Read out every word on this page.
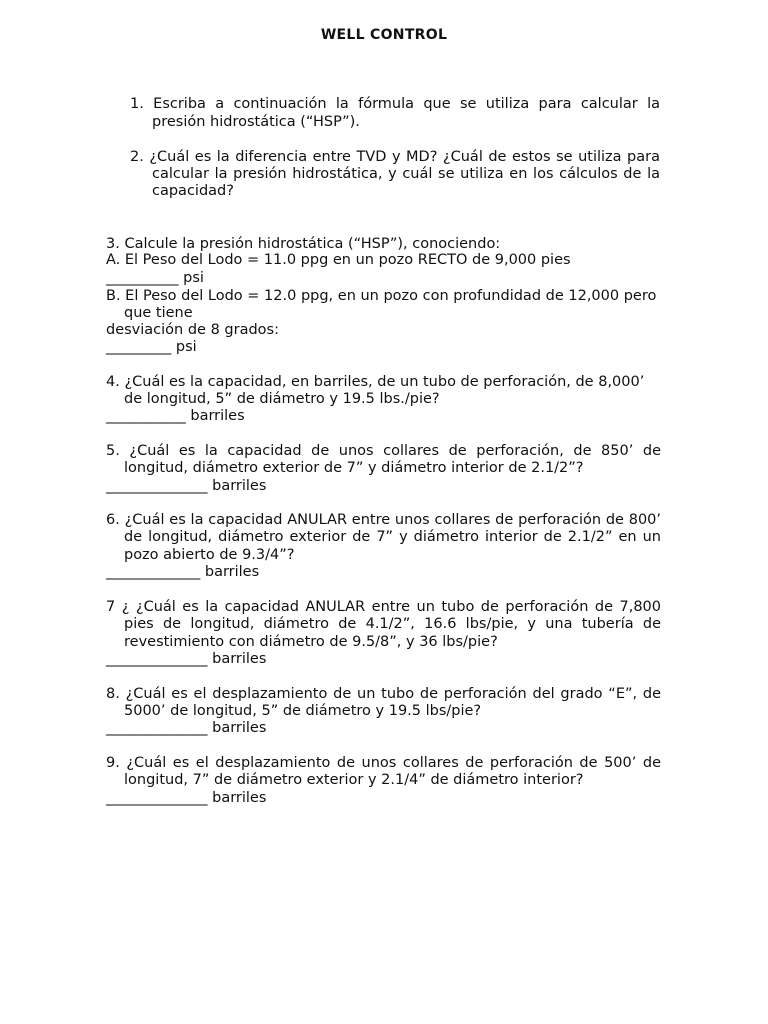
WELL CONTROL
1. Escriba a continuación la fórmula que se utiliza para calcular la
presión hidrostática (“HSP”).
2. ¿Cuál es la diferencia entre TVD y MD? ¿Cuál de estos se utiliza para
calcular la presión hidrostática, y cuál se utiliza en los cálculos de la
capacidad?
3. Calcule la presión hidrostática (“HSP”), conociendo:
A. El Peso del Lodo = 11.0 ppg en un pozo RECTO de 9,000 pies
__________ psi
B. El Peso del Lodo = 12.0 ppg, en un pozo con profundidad de 12,000 pero
que tiene
desviación de 8 grados:
_________ psi
4. ¿Cuál es la capacidad, en barriles, de un tubo de perforación, de 8,000’
de longitud, 5” de diámetro y 19.5 lbs./pie?
___________ barriles
5. ¿Cuál es la capacidad de unos collares de perforación, de 850’ de
longitud, diámetro exterior de 7” y diámetro interior de 2.1/2”?
______________ barriles
6. ¿Cuál es la capacidad ANULAR entre unos collares de perforación de 800’
de longitud, diámetro exterior de 7” y diámetro interior de 2.1/2” en un
pozo abierto de 9.3/4”?
_____________ barriles
7 ¿ ¿Cuál es la capacidad ANULAR entre un tubo de perforación de 7,800
pies de longitud, diámetro de 4.1/2”, 16.6 lbs/pie, y una tubería de
revestimiento con diámetro de 9.5/8”, y 36 lbs/pie?
______________ barriles
8. ¿Cuál es el desplazamiento de un tubo de perforación del grado “E”, de
5000’ de longitud, 5” de diámetro y 19.5 lbs/pie?
______________ barriles
9. ¿Cuál es el desplazamiento de unos collares de perforación de 500’ de
longitud, 7” de diámetro exterior y 2.1/4” de diámetro interior?
______________ barriles
